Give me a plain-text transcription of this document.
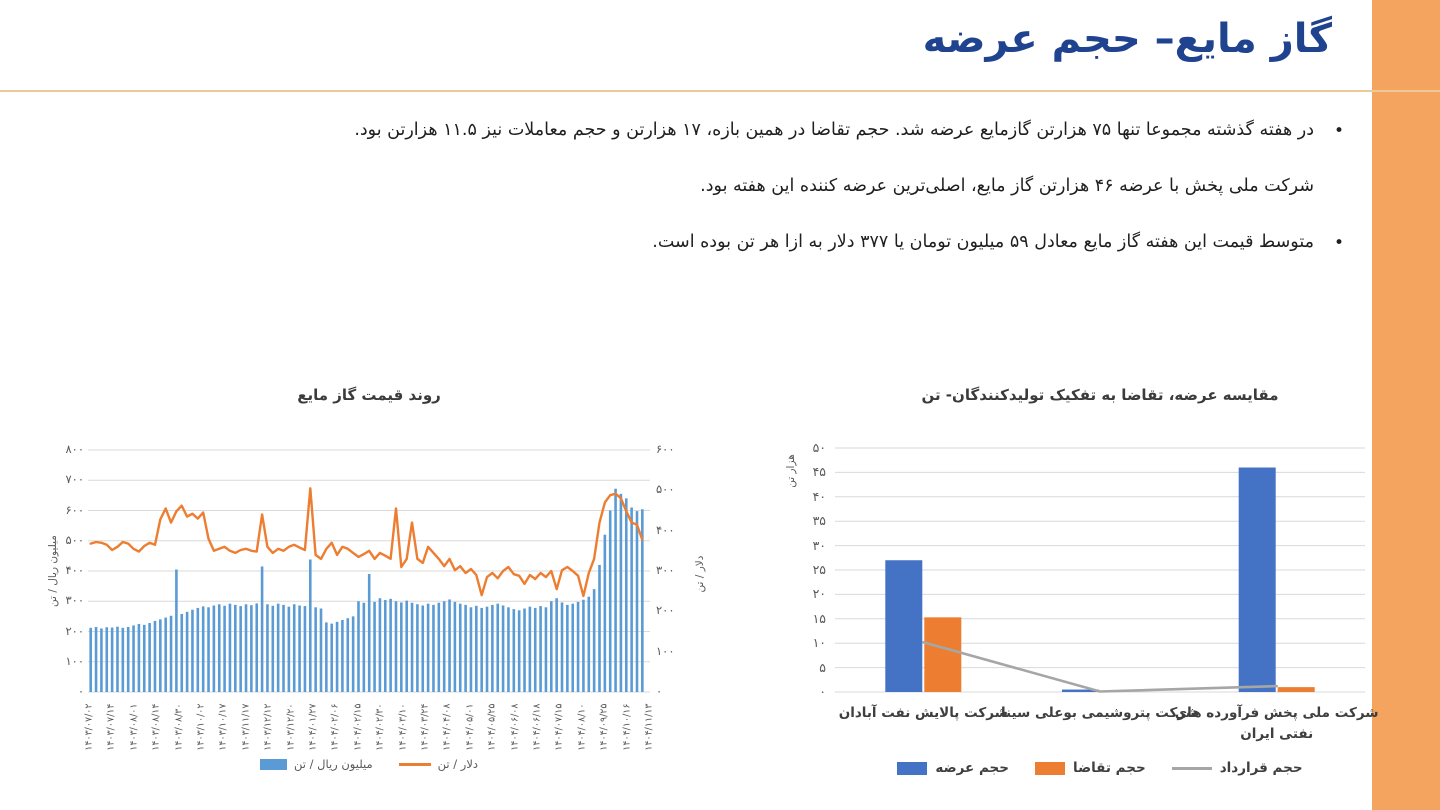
گاز مایع– حجم عرضه
•

در هفته گذشته مجموعا تنها ۷۵ هزارتن گازمایع عرضه شد. حجم تقاضا در همین بازه، ۱۷ هزارتن و حجم معاملات نیز ۱۱.۵ هزارتن بود.

شرکت ملی پخش با عرضه ۴۶ هزارتن گاز مایع، اصلی‌ترین عرضه کننده این هفته بود.

•

متوسط قیمت این هفته گاز مایع معادل ۵۹ میلیون تومان یا ۳۷۷ دلار به ازا هر تن بوده است.

روند قیمت گاز مایع
میلیون ریال / تن	دلار / تن
۸۰۰
۷۰۰
۶۰۰
۵۰۰
۴۰۰
۳۰۰
۲۰۰
۱۰۰
۰
۶۰۰
۵۰۰
۴۰۰
۳۰۰
۲۰۰
۱۰۰
۰
۱۴۰۳/۰۷/۰۲ ۱۴۰۳/۰۷/۱۴ ۱۴۰۳/۰۸/۰۱ ۱۴۰۳/۰۸/۱۴ ۱۴۰۳/۰۸/۳۰ ۱۴۰۳/۱۰/۰۲ ۱۴۰۳/۱۰/۱۷ ۱۴۰۳/۱۱/۱۷ ۱۴۰۳/۱۲/۱۲ ۱۴۰۳/۱۲/۲۰ ۱۴۰۴/۰۱/۲۷ ۱۴۰۴/۰۲/۰۶ ۱۴۰۴/۰۲/۱۵ ۱۴۰۴/۰۲/۳۰ ۱۴۰۴/۰۳/۱۰ ۱۴۰۴/۰۳/۲۴ ۱۴۰۴/۰۴/۰۸ ۱۴۰۴/۰۵/۰۱ ۱۴۰۴/۰۵/۲۵ ۱۴۰۴/۰۶/۰۸ ۱۴۰۴/۰۶/۱۸ ۱۴۰۴/۰۷/۱۵ ۱۴۰۴/۰۸/۱۰ ۱۴۰۴/۰۹/۲۵ ۱۴۰۴/۱۰/۱۶ ۱۴۰۴/۱۱/۱۳
میلیون ریال / تن	دلار / تن
مقایسه عرضه، تقاضا به تفکیک تولیدکنندگان- تن
هزار تن
۵۰
۴۵
۴۰
۳۵
۳۰
۲۵
۲۰
۱۵
۱۰
۵
۰
شرکت پالایش نفت آبادان
شرکت پتروشیمی بوعلی سینا
شرکت ملی پخش فرآورده های نفتی ایران
حجم عرضه	حجم تقاضا	حجم قرارداد
